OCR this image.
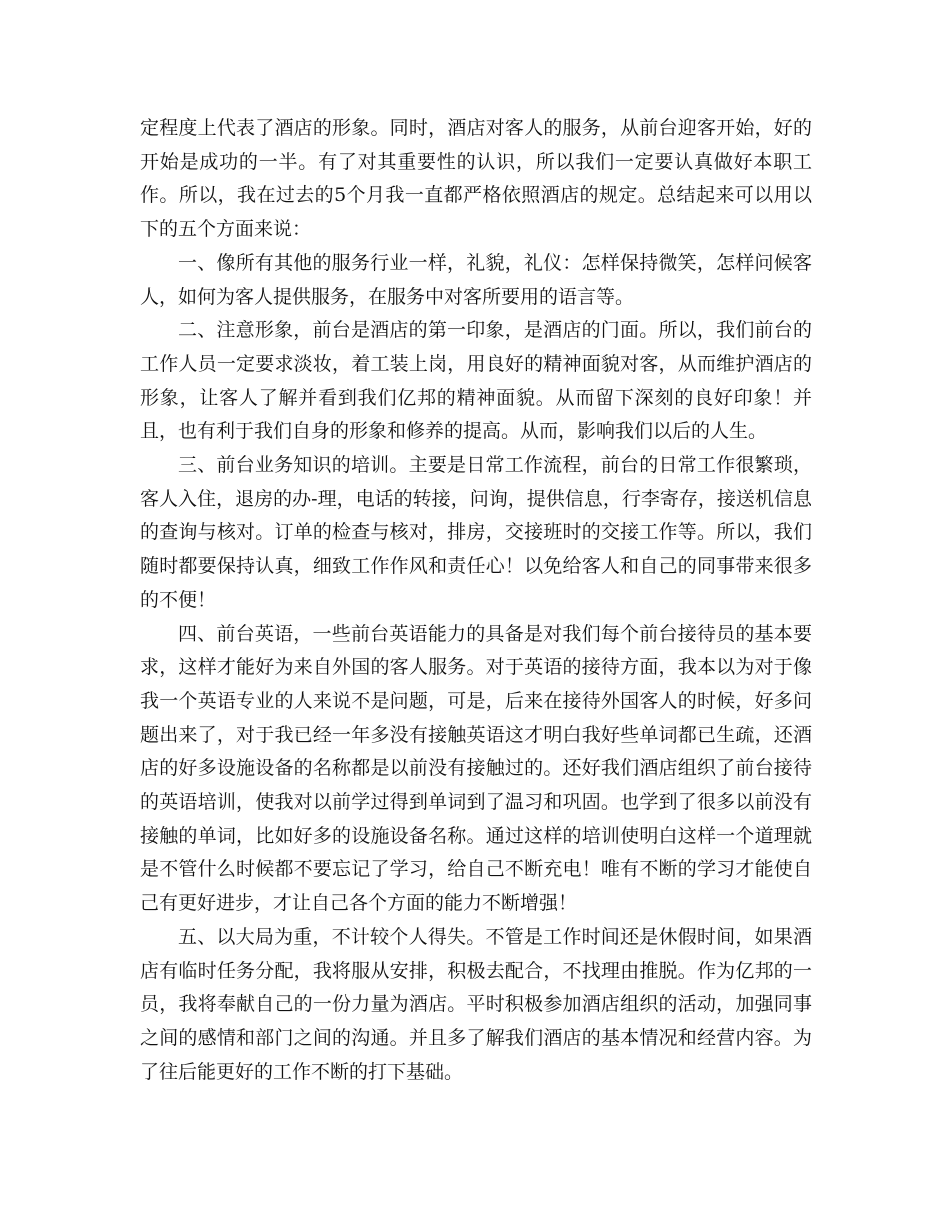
定程度上代表了酒店的形象。同时，酒店对客人的服务，从前台迎客开始，好的开始是成功的一半。有了对其重要性的认识，所以我们一定要认真做好本职工作。所以，我在过去的5个月我一直都严格依照酒店的规定。总结起来可以用以下的五个方面来说：

一、像所有其他的服务行业一样，礼貌，礼仪：怎样保持微笑，怎样问候客人，如何为客人提供服务，在服务中对客所要用的语言等。

二、注意形象，前台是酒店的第一印象，是酒店的门面。所以，我们前台的工作人员一定要求淡妆，着工装上岗，用良好的精神面貌对客，从而维护酒店的形象，让客人了解并看到我们亿邦的精神面貌。从而留下深刻的良好印象！并且，也有利于我们自身的形象和修养的提高。从而，影响我们以后的人生。

三、前台业务知识的培训。主要是日常工作流程，前台的日常工作很繁琐，客人入住，退房的办-理，电话的转接，问询，提供信息，行李寄存，接送机信息的查询与核对。订单的检查与核对，排房，交接班时的交接工作等。所以，我们随时都要保持认真，细致工作作风和责任心！以免给客人和自己的同事带来很多的不便！

四、前台英语，一些前台英语能力的具备是对我们每个前台接待员的基本要求，这样才能好为来自外国的客人服务。对于英语的接待方面，我本以为对于像我一个英语专业的人来说不是问题，可是，后来在接待外国客人的时候，好多问题出来了，对于我已经一年多没有接触英语这才明白我好些单词都已生疏，还酒店的好多设施设备的名称都是以前没有接触过的。还好我们酒店组织了前台接待的英语培训，使我对以前学过得到单词到了温习和巩固。也学到了很多以前没有接触的单词，比如好多的设施设备名称。通过这样的培训使明白这样一个道理就是不管什么时候都不要忘记了学习，给自己不断充电！唯有不断的学习才能使自己有更好进步，才让自己各个方面的能力不断增强！

五、以大局为重，不计较个人得失。不管是工作时间还是休假时间，如果酒店有临时任务分配，我将服从安排，积极去配合，不找理由推脱。作为亿邦的一员，我将奉献自己的一份力量为酒店。平时积极参加酒店组织的活动，加强同事之间的感情和部门之间的沟通。并且多了解我们酒店的基本情况和经营内容。为了往后能更好的工作不断的打下基础。
